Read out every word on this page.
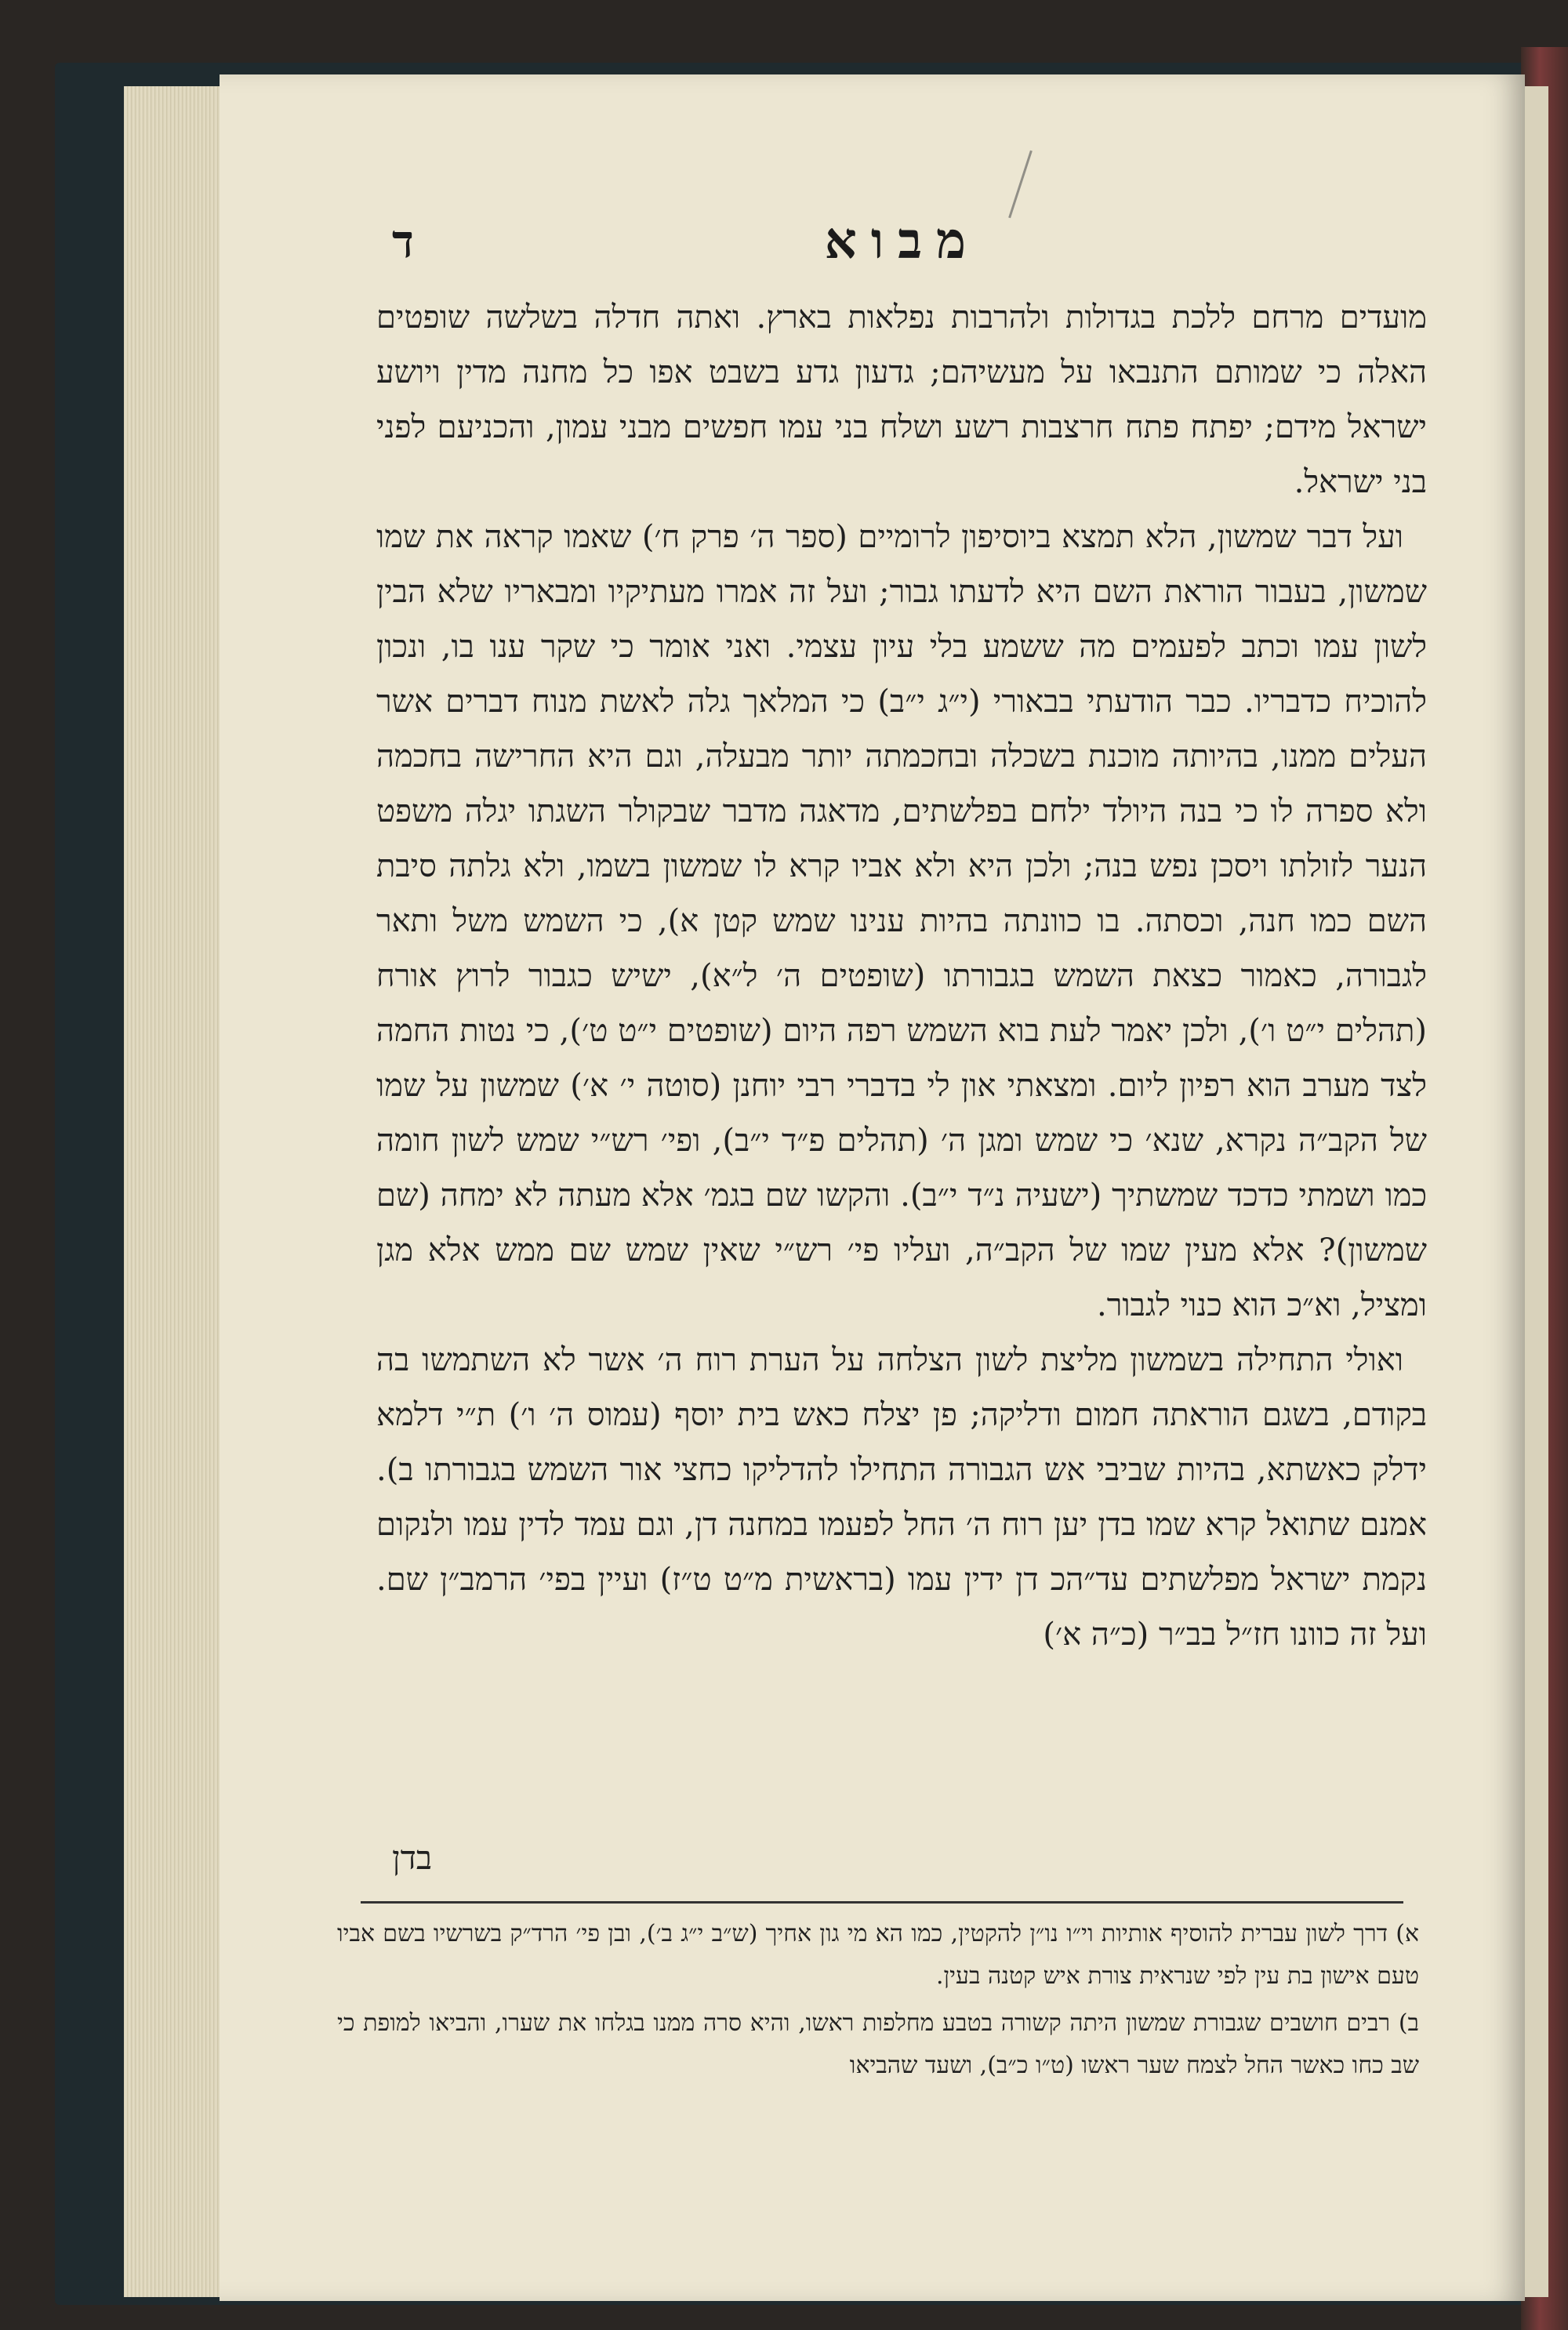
מבוא
ד

מועדים מרחם ללכת בגדולות ולהרבות נפלאות בארץ. ואתה חדלה בשלשה שופטים האלה כי שמותם התנבאו על מעשיהם; גדעון גדע בשבט אפו כל מחנה מדין ויושע ישראל מידם; יפתח פתח חרצבות רשע ושלח בני עמו חפשים מבני עמון, והכניעם לפני בני ישראל.

ועל דבר שמשון, הלא תמצא ביוסיפון לרומיים (ספר ה׳ פרק ח׳) שאמו קראה את שמו שמשון, בעבור הוראת השם היא לדעתו גבור; ועל זה אמרו מעתיקיו ומבאריו שלא הבין לשון עמו וכתב לפעמים מה ששמע בלי עיון עצמי. ואני אומר כי שקר ענו בו, ונכון להוכיח כדבריו. כבר הודעתי בבאורי (י״ג י״ב) כי המלאך גלה לאשת מנוח דברים אשר העלים ממנו, בהיותה מוכנת בשכלה ובחכמתה יותר מבעלה, וגם היא החרישה בחכמה ולא ספרה לו כי בנה היולד ילחם בפלשתים, מדאגה מדבר שבקולר השגתו יגלה משפט הנער לזולתו ויסכן נפש בנה; ולכן היא ולא אביו קרא לו שמשון בשמו, ולא גלתה סיבת השם כמו חנה, וכסתה. בו כוונתה בהיות ענינו שמש קטן א), כי השמש משל ותאר לגבורה, כאמור כצאת השמש בגבורתו (שופטים ה׳ ל״א), ישיש כגבור לרוץ אורח (תהלים י״ט ו׳), ולכן יאמר לעת בוא השמש רפה היום (שופטים י״ט ט׳), כי נטות החמה לצד מערב הוא רפיון ליום. ומצאתי און לי בדברי רבי יוחנן (סוטה י׳ א׳) שמשון על שמו של הקב״ה נקרא, שנא׳ כי שמש ומגן ה׳ (תהלים פ״ד י״ב), ופי׳ רש״י שמש לשון חומה כמו ושמתי כדכד שמשתיך (ישעיה נ״ד י״ב). והקשו שם בגמ׳ אלא מעתה לא ימחה (שם שמשון)? אלא מעין שמו של הקב״ה, ועליו פי׳ רש״י שאין שמש שם ממש אלא מגן ומציל, וא״כ הוא כנוי לגבור.

ואולי התחילה בשמשון מליצת לשון הצלחה על הערת רוח ה׳ אשר לא השתמשו בה בקודם, בשגם הוראתה חמום ודליקה; פן יצלח כאש בית יוסף (עמוס ה׳ ו׳) ת״י דלמא ידלק כאשתא, בהיות שביבי אש הגבורה התחילו להדליקו כחצי אור השמש בגבורתו ב). אמנם שתואל קרא שמו בדן יען רוח ה׳ החל לפעמו במחנה דן, וגם עמד לדין עמו ולנקום נקמת ישראל מפלשתים עד״הכ דן ידין עמו (בראשית מ״ט ט״ז) ועיין בפי׳ הרמב״ן שם. ועל זה כוונו חז״ל בב״ר (כ״ה א׳)

בדן

א) דרך לשון עברית להוסיף אותיות וי״ו נו״ן להקטין, כמו הא מי גון אחיך (ש״ב י״ג ב׳), ובן פי׳ הרד״ק בשרשיו בשם אביו טעם אישון בת עין לפי שנראית צורת איש קטנה בעין.

ב) רבים חושבים שגבורת שמשון היתה קשורה בטבע מחלפות ראשו, והיא סרה ממנו בגלחו את שערו, והביאו למופת כי שב כחו כאשר החל לצמח שער ראשו (ט״ו כ״ב), ושעד שהביאו
